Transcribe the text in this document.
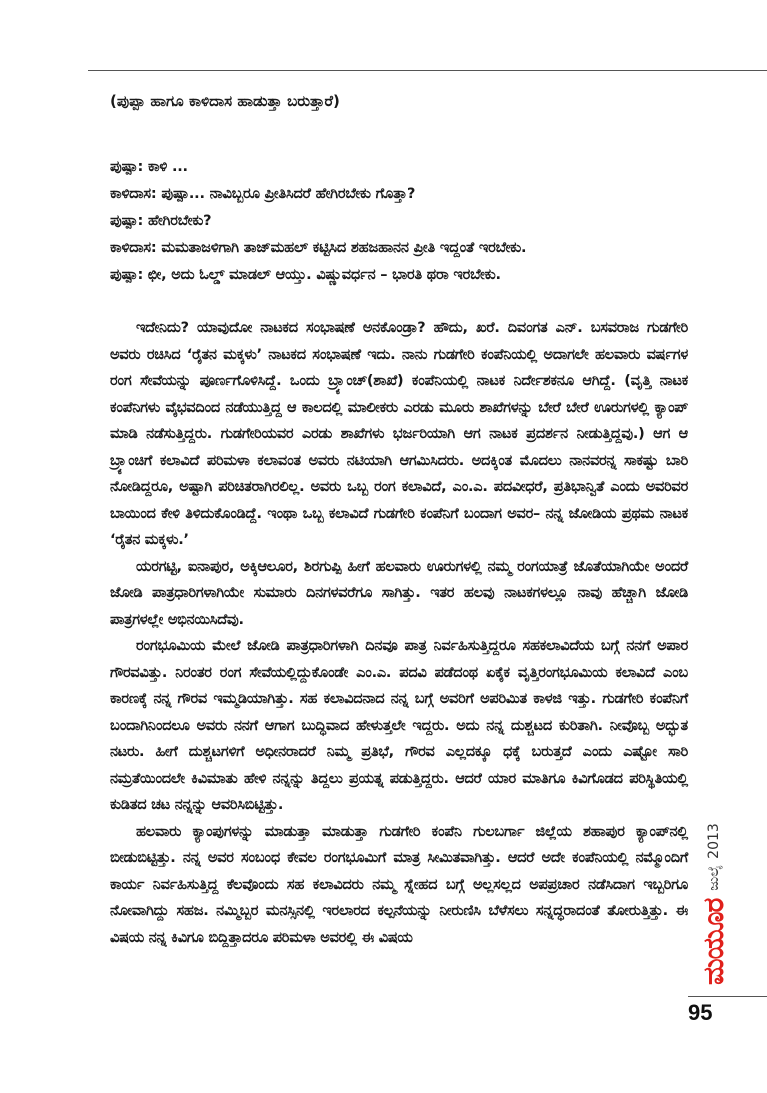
(ಪುಪ್ಪಾ ಹಾಗೂ ಕಾಳಿದಾಸ ಹಾಡುತ್ತಾ ಬರುತ್ತಾರೆ)
ಪುಷ್ಪಾ: ಕಾಳಿ ...
ಕಾಳಿದಾಸ: ಪುಷ್ಪಾ... ನಾವಿಬ್ಬರೂ ಪ್ರೀತಿಸಿದರೆ ಹೇಗಿರಬೇಕು ಗೊತ್ತಾ?
ಪುಷ್ಪಾ: ಹೇಗಿರಬೇಕು?
ಕಾಳಿದಾಸ: ಮಮತಾಜಳಿಗಾಗಿ ತಾಜ್‌ಮಹಲ್ ಕಟ್ಟಿಸಿದ ಶಹಜಹಾನನ ಪ್ರೀತಿ ಇದ್ದಂತೆ ಇರಬೇಕು.
ಪುಷ್ಪಾ: ಛೀ, ಅದು ಓಲ್ಡ್ ಮಾಡಲ್ ಆಯ್ತು. ವಿಷ್ಣುವರ್ಧನ – ಭಾರತಿ ಥರಾ ಇರಬೇಕು.

ಇದೇನಿದು? ಯಾವುದೋ ನಾಟಕದ ಸಂಭಾಷಣೆ ಅನಕೊಂಡ್ರಾ? ಹೌದು, ಖರೆ. ದಿವಂಗತ ಎನ್. ಬಸವರಾಜ ಗುಡಗೇರಿ ಅವರು ರಚಿಸಿದ ‘ರೈತನ ಮಕ್ಕಳು’ ನಾಟಕದ ಸಂಭಾಷಣೆ ಇದು. ನಾನು ಗುಡಗೇರಿ ಕಂಪೆನಿಯಲ್ಲಿ ಅದಾಗಲೇ ಹಲವಾರು ವರ್ಷಗಳ ರಂಗ ಸೇವೆಯನ್ನು ಪೂರ್ಣಗೊಳಿಸಿದ್ದೆ. ಒಂದು ಬ್ರ್ಯಾಂಚ್(ಶಾಖೆ) ಕಂಪೆನಿಯಲ್ಲಿ ನಾಟಕ ನಿರ್ದೇಶಕನೂ ಆಗಿದ್ದೆ. (ವೃತ್ತಿ ನಾಟಕ ಕಂಪೆನಿಗಳು ವೈಭವದಿಂದ ನಡೆಯುತ್ತಿದ್ದ ಆ ಕಾಲದಲ್ಲಿ ಮಾಲೀಕರು ಎರಡು ಮೂರು ಶಾಖೆಗಳನ್ನು ಬೇರೆ ಬೇರೆ ಊರುಗಳಲ್ಲಿ ಕ್ಯಾಂಪ್ ಮಾಡಿ ನಡೆಸುತ್ತಿದ್ದರು. ಗುಡಗೇರಿಯವರ ಎರಡು ಶಾಖೆಗಳು ಭರ್ಜರಿಯಾಗಿ ಆಗ ನಾಟಕ ಪ್ರದರ್ಶನ ನೀಡುತ್ತಿದ್ದವು.) ಆಗ ಆ ಬ್ರ್ಯಾಂಚಿಗೆ ಕಲಾವಿದೆ ಪರಿಮಳಾ ಕಲಾವಂತ ಅವರು ನಟಿಯಾಗಿ ಆಗಮಿಸಿದರು. ಅದಕ್ಕಿಂತ ಮೊದಲು ನಾನವರನ್ನ ಸಾಕಷ್ಟು ಬಾರಿ ನೋಡಿದ್ದರೂ, ಅಷ್ಟಾಗಿ ಪರಿಚಿತರಾಗಿರಲಿಲ್ಲ. ಅವರು ಒಬ್ಬ ರಂಗ ಕಲಾವಿದೆ, ಎಂ.ಎ. ಪದವೀಧರೆ, ಪ್ರತಿಭಾನ್ವಿತೆ ಎಂದು ಅವರಿವರ ಬಾಯಿಂದ ಕೇಳಿ ತಿಳಿದುಕೊಂಡಿದ್ದೆ. ಇಂಥಾ ಒಬ್ಬ ಕಲಾವಿದೆ ಗುಡಗೇರಿ ಕಂಪೆನಿಗೆ ಬಂದಾಗ ಅವರ– ನನ್ನ ಜೋಡಿಯ ಪ್ರಥಮ ನಾಟಕ ‘ರೈತನ ಮಕ್ಕಳು.’

ಯರಗಟ್ಟಿ, ಐನಾಪುರ, ಅಕ್ಕಿಆಲೂರ, ಶಿರಗುಪ್ಪಿ ಹೀಗೆ ಹಲವಾರು ಊರುಗಳಲ್ಲಿ ನಮ್ಮ ರಂಗಯಾತ್ರೆ ಜೊತೆಯಾಗಿಯೇ ಅಂದರೆ ಜೋಡಿ ಪಾತ್ರಧಾರಿಗಳಾಗಿಯೇ ಸುಮಾರು ದಿನಗಳವರೆಗೂ ಸಾಗಿತ್ತು. ಇತರ ಹಲವು ನಾಟಕಗಳಲ್ಲೂ ನಾವು ಹೆಚ್ಚಾಗಿ ಜೋಡಿ ಪಾತ್ರಗಳಲ್ಲೇ ಅಭಿನಯಿಸಿದೆವು.

ರಂಗಭೂಮಿಯ ಮೇಲೆ ಜೋಡಿ ಪಾತ್ರಧಾರಿಗಳಾಗಿ ದಿನವೂ ಪಾತ್ರ ನಿರ್ವಹಿಸುತ್ತಿದ್ದರೂ ಸಹಕಲಾವಿದೆಯ ಬಗ್ಗೆ ನನಗೆ ಅಪಾರ ಗೌರವವಿತ್ತು. ನಿರಂತರ ರಂಗ ಸೇವೆಯಲ್ಲಿದ್ದುಕೊಂಡೇ ಎಂ.ಎ. ಪದವಿ ಪಡೆದಂಥ ಏಕೈಕ ವೃತ್ತಿರಂಗಭೂಮಿಯ ಕಲಾವಿದೆ ಎಂಬ ಕಾರಣಕ್ಕೆ ನನ್ನ ಗೌರವ ಇಮ್ಮಡಿಯಾಗಿತ್ತು. ಸಹ ಕಲಾವಿದನಾದ ನನ್ನ ಬಗ್ಗೆ ಅವರಿಗೆ ಅಪರಿಮಿತ ಕಾಳಜಿ ಇತ್ತು. ಗುಡಗೇರಿ ಕಂಪೆನಿಗೆ ಬಂದಾಗಿನಿಂದಲೂ ಅವರು ನನಗೆ ಆಗಾಗ ಬುದ್ಧಿವಾದ ಹೇಳುತ್ತಲೇ ಇದ್ದರು. ಅದು ನನ್ನ ದುಶ್ಚಟದ ಕುರಿತಾಗಿ. ನೀವೊಬ್ಬ ಅದ್ಭುತ ನಟರು. ಹೀಗೆ ದುಶ್ಚಟಗಳಿಗೆ ಅಧೀನರಾದರೆ ನಿಮ್ಮ ಪ್ರತಿಭೆ, ಗೌರವ ಎಲ್ಲದಕ್ಕೂ ಧಕ್ಕೆ ಬರುತ್ತದೆ ಎಂದು ಎಷ್ಟೋ ಸಾರಿ ನಮ್ರತೆಯಿಂದಲೇ ಕಿವಿಮಾತು ಹೇಳಿ ನನ್ನನ್ನು ತಿದ್ದಲು ಪ್ರಯತ್ನ ಪಡುತ್ತಿದ್ದರು. ಆದರೆ ಯಾರ ಮಾತಿಗೂ ಕಿವಿಗೊಡದ ಪರಿಸ್ಥಿತಿಯಲ್ಲಿ ಕುಡಿತದ ಚಟ ನನ್ನನ್ನು ಆವರಿಸಿಬಿಟ್ಟಿತ್ತು.

ಹಲವಾರು ಕ್ಯಾಂಪುಗಳನ್ನು ಮಾಡುತ್ತಾ ಮಾಡುತ್ತಾ ಗುಡಗೇರಿ ಕಂಪೆನಿ ಗುಲಬರ್ಗಾ ಜಿಲ್ಲೆಯ ಶಹಾಪುರ ಕ್ಯಾಂಪ್‌ನಲ್ಲಿ ಬೀಡುಬಿಟ್ಟಿತ್ತು. ನನ್ನ ಅವರ ಸಂಬಂಧ ಕೇವಲ ರಂಗಭೂಮಿಗೆ ಮಾತ್ರ ಸೀಮಿತವಾಗಿತ್ತು. ಆದರೆ ಅದೇ ಕಂಪೆನಿಯಲ್ಲಿ ನಮ್ಮೊಂದಿಗೆ ಕಾರ್ಯ ನಿರ್ವಹಿಸುತ್ತಿದ್ದ ಕೆಲವೊಂದು ಸಹ ಕಲಾವಿದರು ನಮ್ಮ ಸ್ನೇಹದ ಬಗ್ಗೆ ಅಲ್ಲಸಲ್ಲದ ಅಪಪ್ರಚಾರ ನಡೆಸಿದಾಗ ಇಬ್ಬರಿಗೂ ನೋವಾಗಿದ್ದು ಸಹಜ. ನಮ್ಮಿಬ್ಬರ ಮನಸ್ಸಿನಲ್ಲಿ ಇರಲಾರದ ಕಲ್ಪನೆಯನ್ನು ನೀರುಣಿಸಿ ಬೆಳೆಸಲು ಸನ್ನದ್ಧರಾದಂತೆ ತೋರುತ್ತಿತ್ತು. ಈ ವಿಷಯ ನನ್ನ ಕಿವಿಗೂ ಬಿದ್ದಿತ್ತಾದರೂ ಪರಿಮಳಾ ಅವರಲ್ಲಿ ಈ ವಿಷಯ	ಮಯೂರ
ಜುಲೈ
2013
95
